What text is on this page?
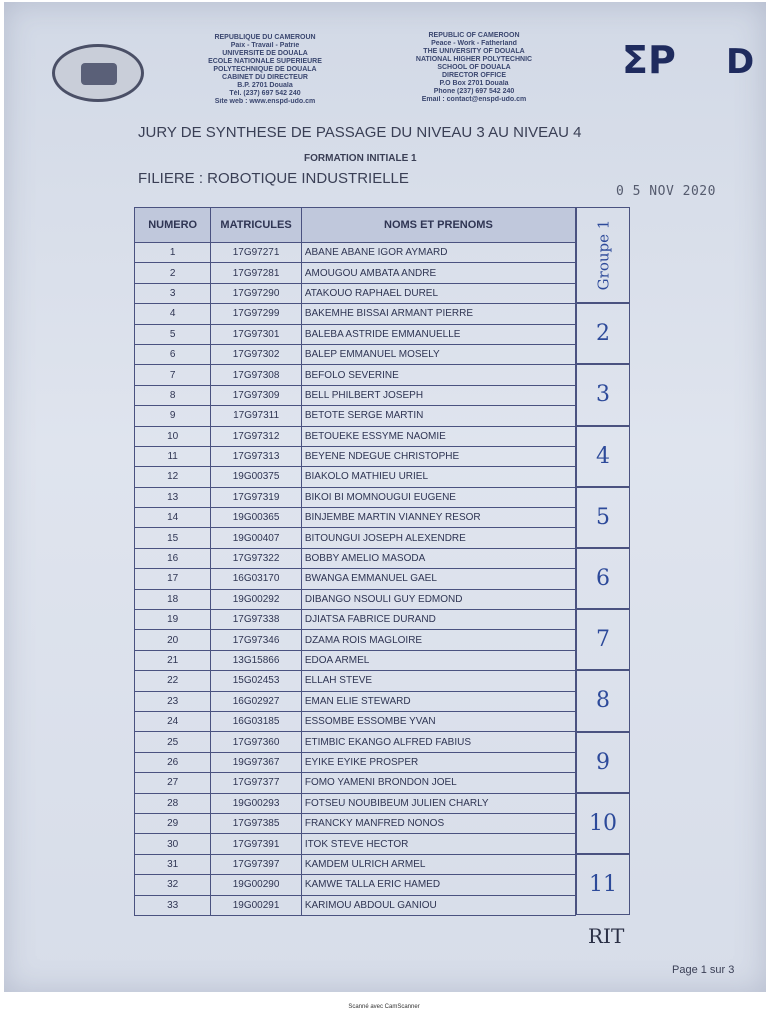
REPUBLIQUE DU CAMEROUN
Paix - Travail - Patrie
UNIVERSITE DE DOUALA
ECOLE NATIONALE SUPERIEURE
POLYTECHNIQUE DE DOUALA
CABINET DU DIRECTEUR
B.P. 2701 Douala
Tél. (237) 697 542 240
Site web : www.enspd-udo.cm
REPUBLIC OF CAMEROON
Peace - Work - Fatherland
THE UNIVERSITY OF DOUALA
NATIONAL HIGHER POLYTECHNIC
SCHOOL OF DOUALA
DIRECTOR OFFICE
P.O Box 2701 Douala
Phone (237) 697 542 240
Email : contact@enspd-udo.cm
ΣP	D
JURY DE SYNTHESE DE PASSAGE DU NIVEAU 3 AU NIVEAU 4
FORMATION INITIALE 1
FILIERE : ROBOTIQUE INDUSTRIELLE
0 5 NOV 2020
NUMERO	MATRICULES	NOMS ET PRENOMS
1	17G97271	ABANE ABANE IGOR AYMARD
2	17G97281	AMOUGOU AMBATA ANDRE
3	17G97290	ATAKOUO RAPHAEL DUREL
4	17G97299	BAKEMHE BISSAI ARMANT PIERRE
5	17G97301	BALEBA ASTRIDE EMMANUELLE
6	17G97302	BALEP EMMANUEL MOSELY
7	17G97308	BEFOLO SEVERINE
8	17G97309	BELL PHILBERT JOSEPH
9	17G97311	BETOTE SERGE MARTIN
10	17G97312	BETOUEKE ESSYME NAOMIE
11	17G97313	BEYENE NDEGUE CHRISTOPHE
12	19G00375	BIAKOLO MATHIEU URIEL
13	17G97319	BIKOI BI MOMNOUGUI EUGENE
14	19G00365	BINJEMBE MARTIN VIANNEY RESOR
15	19G00407	BITOUNGUI JOSEPH ALEXENDRE
16	17G97322	BOBBY AMELIO MASODA
17	16G03170	BWANGA EMMANUEL GAEL
18	19G00292	DIBANGO NSOULI GUY EDMOND
19	17G97338	DJIATSA FABRICE DURAND
20	17G97346	DZAMA ROIS MAGLOIRE
21	13G15866	EDOA ARMEL
22	15G02453	ELLAH STEVE
23	16G02927	EMAN ELIE STEWARD
24	16G03185	ESSOMBE ESSOMBE YVAN
25	17G97360	ETIMBIC EKANGO ALFRED FABIUS
26	19G97367	EYIKE EYIKE PROSPER
27	17G97377	FOMO YAMENI BRONDON JOEL
28	19G00293	FOTSEU NOUBIBEUM JULIEN CHARLY
29	17G97385	FRANCKY MANFRED NONOS
30	17G97391	ITOK STEVE HECTOR
31	17G97397	KAMDEM ULRICH ARMEL
32	19G00290	KAMWE TALLA ERIC HAMED
33	19G00291	KARIMOU ABDOUL GANIOU
Groupe 1
2
3
4
5
6
7
8
9
10
11
RIT
Page 1 sur 3
Scanné avec CamScanner
